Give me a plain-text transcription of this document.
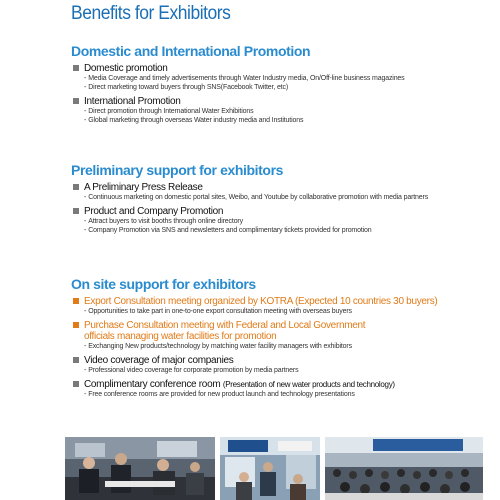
Benefits for Exhibitors
Domestic and International Promotion
Domestic promotion
- Media Coverage and timely advertisements through Water Industry media, On/Off-line business magazines
- Direct marketing toward buyers through SNS(Facebook Twitter, etc)
International Promotion
- Direct promotion through International Water Exhibitions
- Global marketing through overseas Water industry media and Institutions
Preliminary support for exhibitors
A Preliminary Press Release
- Continuous marketing on domestic portal sites, Weibo, and Youtube by collaborative promotion with media partners
Product and Company Promotion
- Attract buyers to visit booths through online directory
- Company Promotion via SNS and newsletters and complimentary tickets provided for promotion
On site support for exhibitors
Export Consultation meeting organized by KOTRA (Expected 10 countries 30 buyers)
- Opportunities to take part in one-to-one export consultation meeting with overseas buyers
Purchase Consultation meeting with Federal and Local Government officials managing water facilities for promotion
- Exchanging New products/technology by matching water facility managers with exhibitors
Video coverage of major companies
- Professional video coverage for corporate promotion by media partners
Complimentary conference room (Presentation of new water products and technology)
- Free conference rooms are provided for new product launch and technology presentations
